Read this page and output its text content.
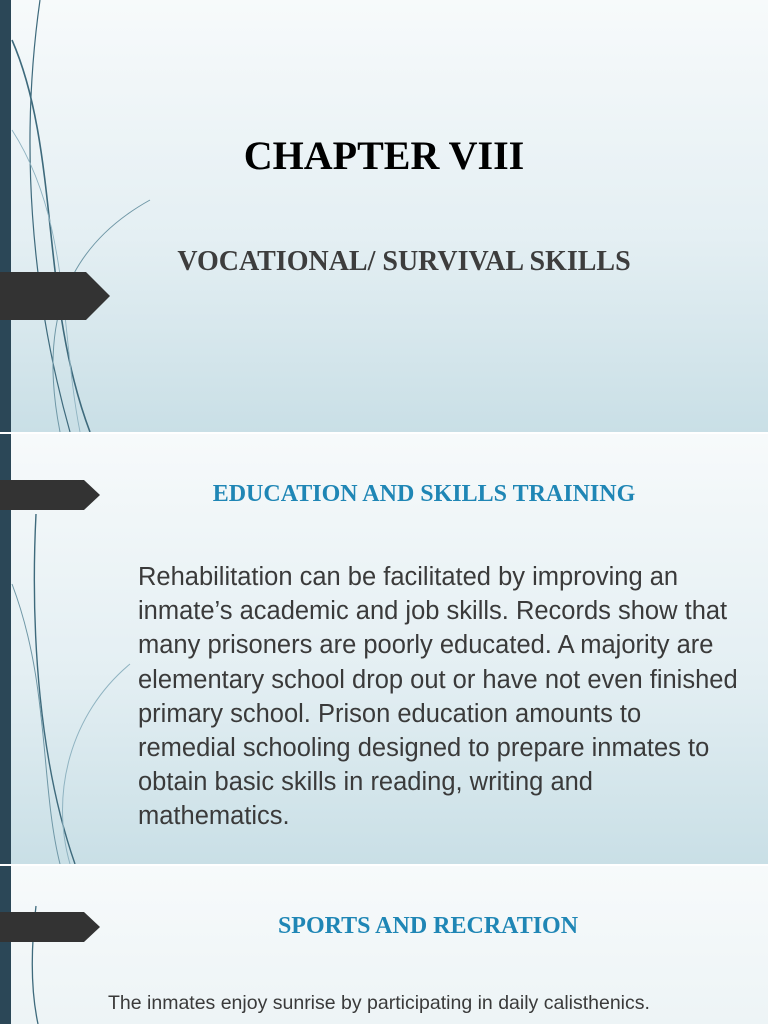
CHAPTER VIII
VOCATIONAL/ SURVIVAL SKILLS
EDUCATION AND SKILLS TRAINING

Rehabilitation can be facilitated by improving an inmate’s academic and job skills. Records show that many prisoners are poorly educated. A majority are elementary school drop out or have not even finished primary school. Prison education amounts to remedial schooling designed to prepare inmates to obtain basic skills in reading, writing and mathematics.

SPORTS AND RECRATION

The inmates enjoy sunrise by participating in daily calisthenics.
